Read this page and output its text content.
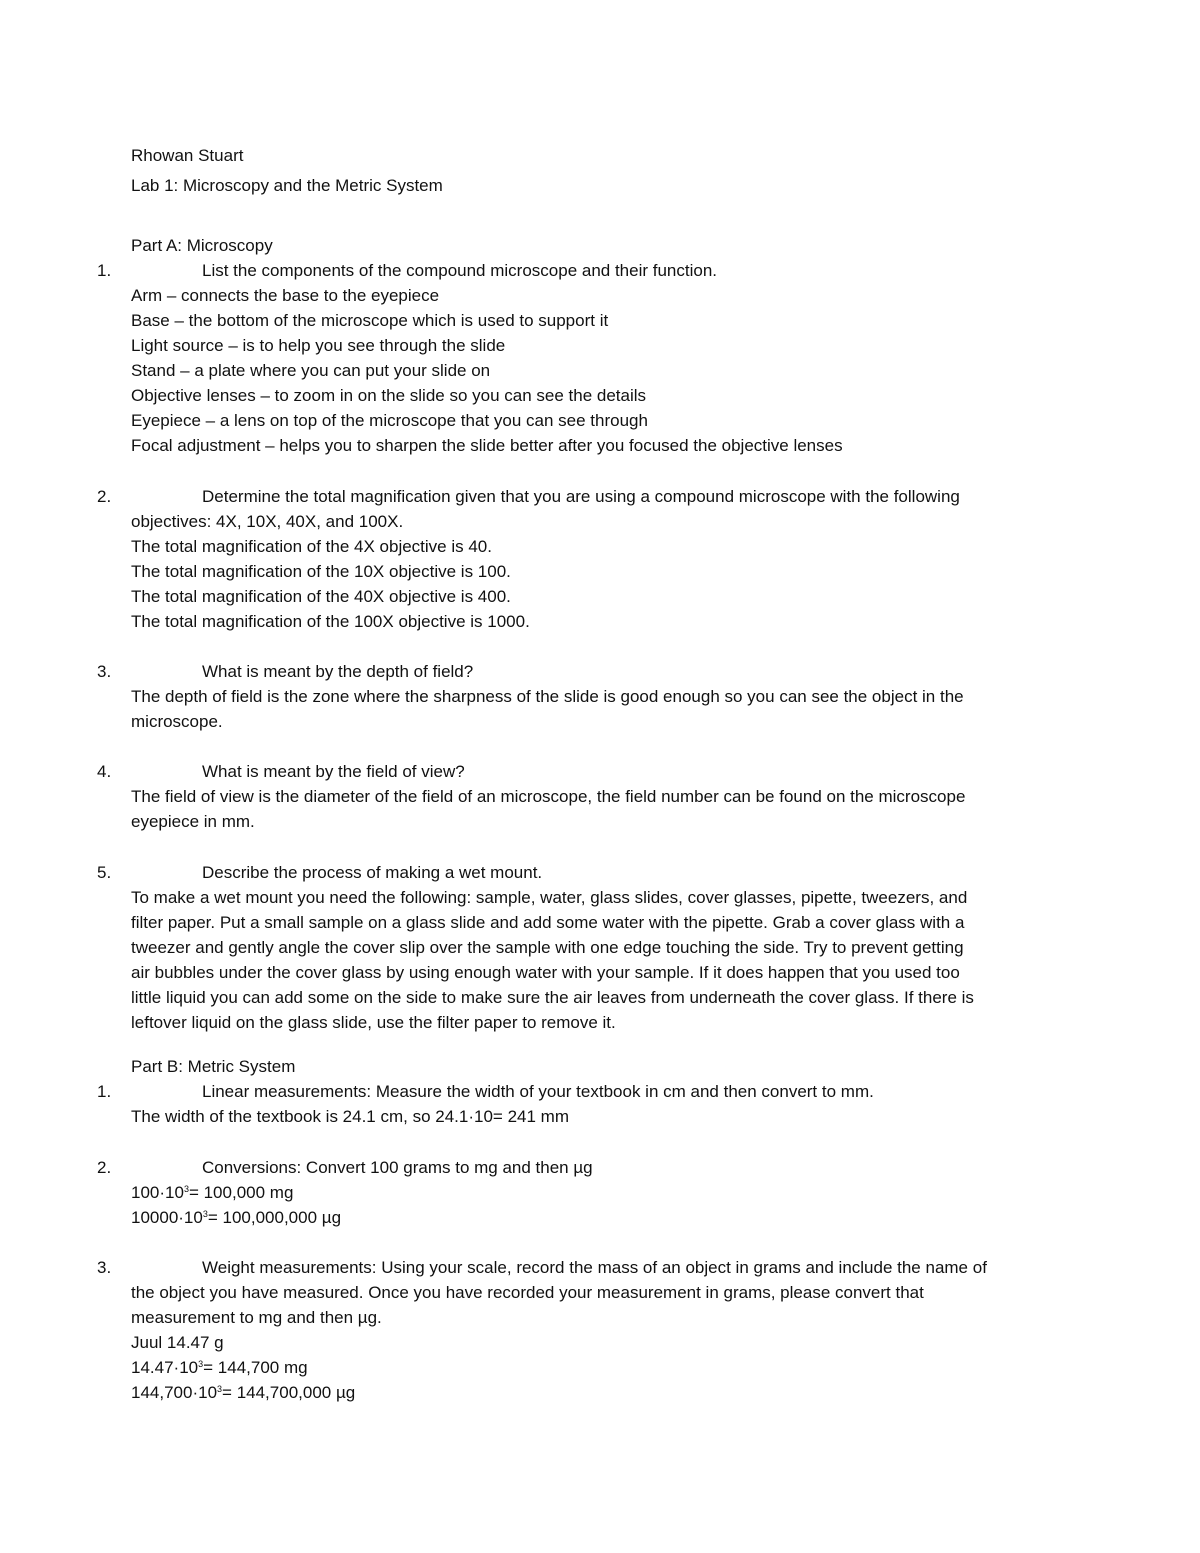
Rhowan Stuart
Lab 1: Microscopy and the Metric System
Part A: Microscopy
1.	List the components of the compound microscope and their function.
Arm – connects the base to the eyepiece
Base – the bottom of the microscope which is used to support it
Light source – is to help you see through the slide
Stand – a plate where you can put your slide on
Objective lenses – to zoom in on the slide so you can see the details
Eyepiece – a lens on top of the microscope that you can see through
Focal adjustment – helps you to sharpen the slide better after you focused the objective lenses
2.	Determine the total magnification given that you are using a compound microscope with the following
objectives: 4X, 10X, 40X, and 100X.
The total magnification of the 4X objective is 40.
The total magnification of the 10X objective is 100.
The total magnification of the 40X objective is 400.
The total magnification of the 100X objective is 1000.
3.	What is meant by the depth of field?
The depth of field is the zone where the sharpness of the slide is good enough so you can see the object in the
microscope.
4.	What is meant by the field of view?
The field of view is the diameter of the field of an microscope, the field number can be found on the microscope
eyepiece in mm.
5.	Describe the process of making a wet mount.
To make a wet mount you need the following: sample, water, glass slides, cover glasses, pipette, tweezers, and
filter paper. Put a small sample on a glass slide and add some water with the pipette. Grab a cover glass with a
tweezer and gently angle the cover slip over the sample with one edge touching the side. Try to prevent getting
air bubbles under the cover glass by using enough water with your sample. If it does happen that you used too
little liquid you can add some on the side to make sure the air leaves from underneath the cover glass. If there is
leftover liquid on the glass slide, use the filter paper to remove it.
Part B: Metric System
1.	Linear measurements: Measure the width of your textbook in cm and then convert to mm.
The width of the textbook is 24.1 cm, so 24.1·10= 241 mm
2.	Conversions: Convert 100 grams to mg and then µg
$100\cdot 10^3= 100,000$ mg
$10000\cdot 10^3= 100,000,000$ µg
3.	Weight measurements: Using your scale, record the mass of an object in grams and include the name of
the object you have measured. Once you have recorded your measurement in grams, please convert that
measurement to mg and then µg.
Juul 14.47 g
$14.47\cdot 10^3= 144,700$ mg
$144,700\cdot 10^3= 144,700,000$ µg
